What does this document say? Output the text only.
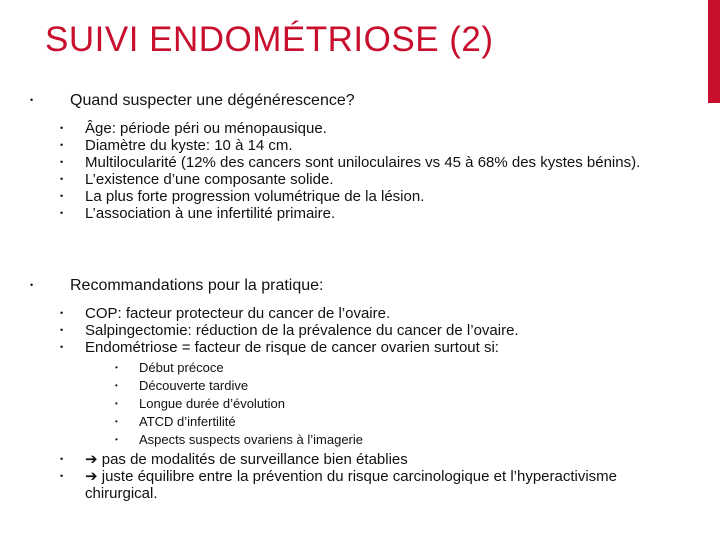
SUIVI ENDOMÉTRIOSE (2)
• Quand suspecter une dégénérescence?
• Âge: période péri ou ménopausique.
• Diamètre du kyste: 10 à 14 cm.
• Multilocularité (12% des cancers sont uniloculaires vs 45 à 68% des kystes bénins).
• L’existence d’une composante solide.
• La plus forte progression volumétrique de la lésion.
• L’association à une infertilité primaire.
• Recommandations pour la pratique:
• COP: facteur protecteur du cancer de l’ovaire.
• Salpingectomie: réduction de la prévalence du cancer de l’ovaire.
• Endométriose = facteur de risque de cancer ovarien surtout si:
• Début précoce
• Découverte tardive
• Longue durée d’évolution
• ATCD d’infertilité
• Aspects suspects ovariens à l’imagerie
• ➔ pas de modalités de surveillance bien établies
• ➔ juste équilibre entre la prévention du risque carcinologique et l’hyperactivisme chirurgical.
